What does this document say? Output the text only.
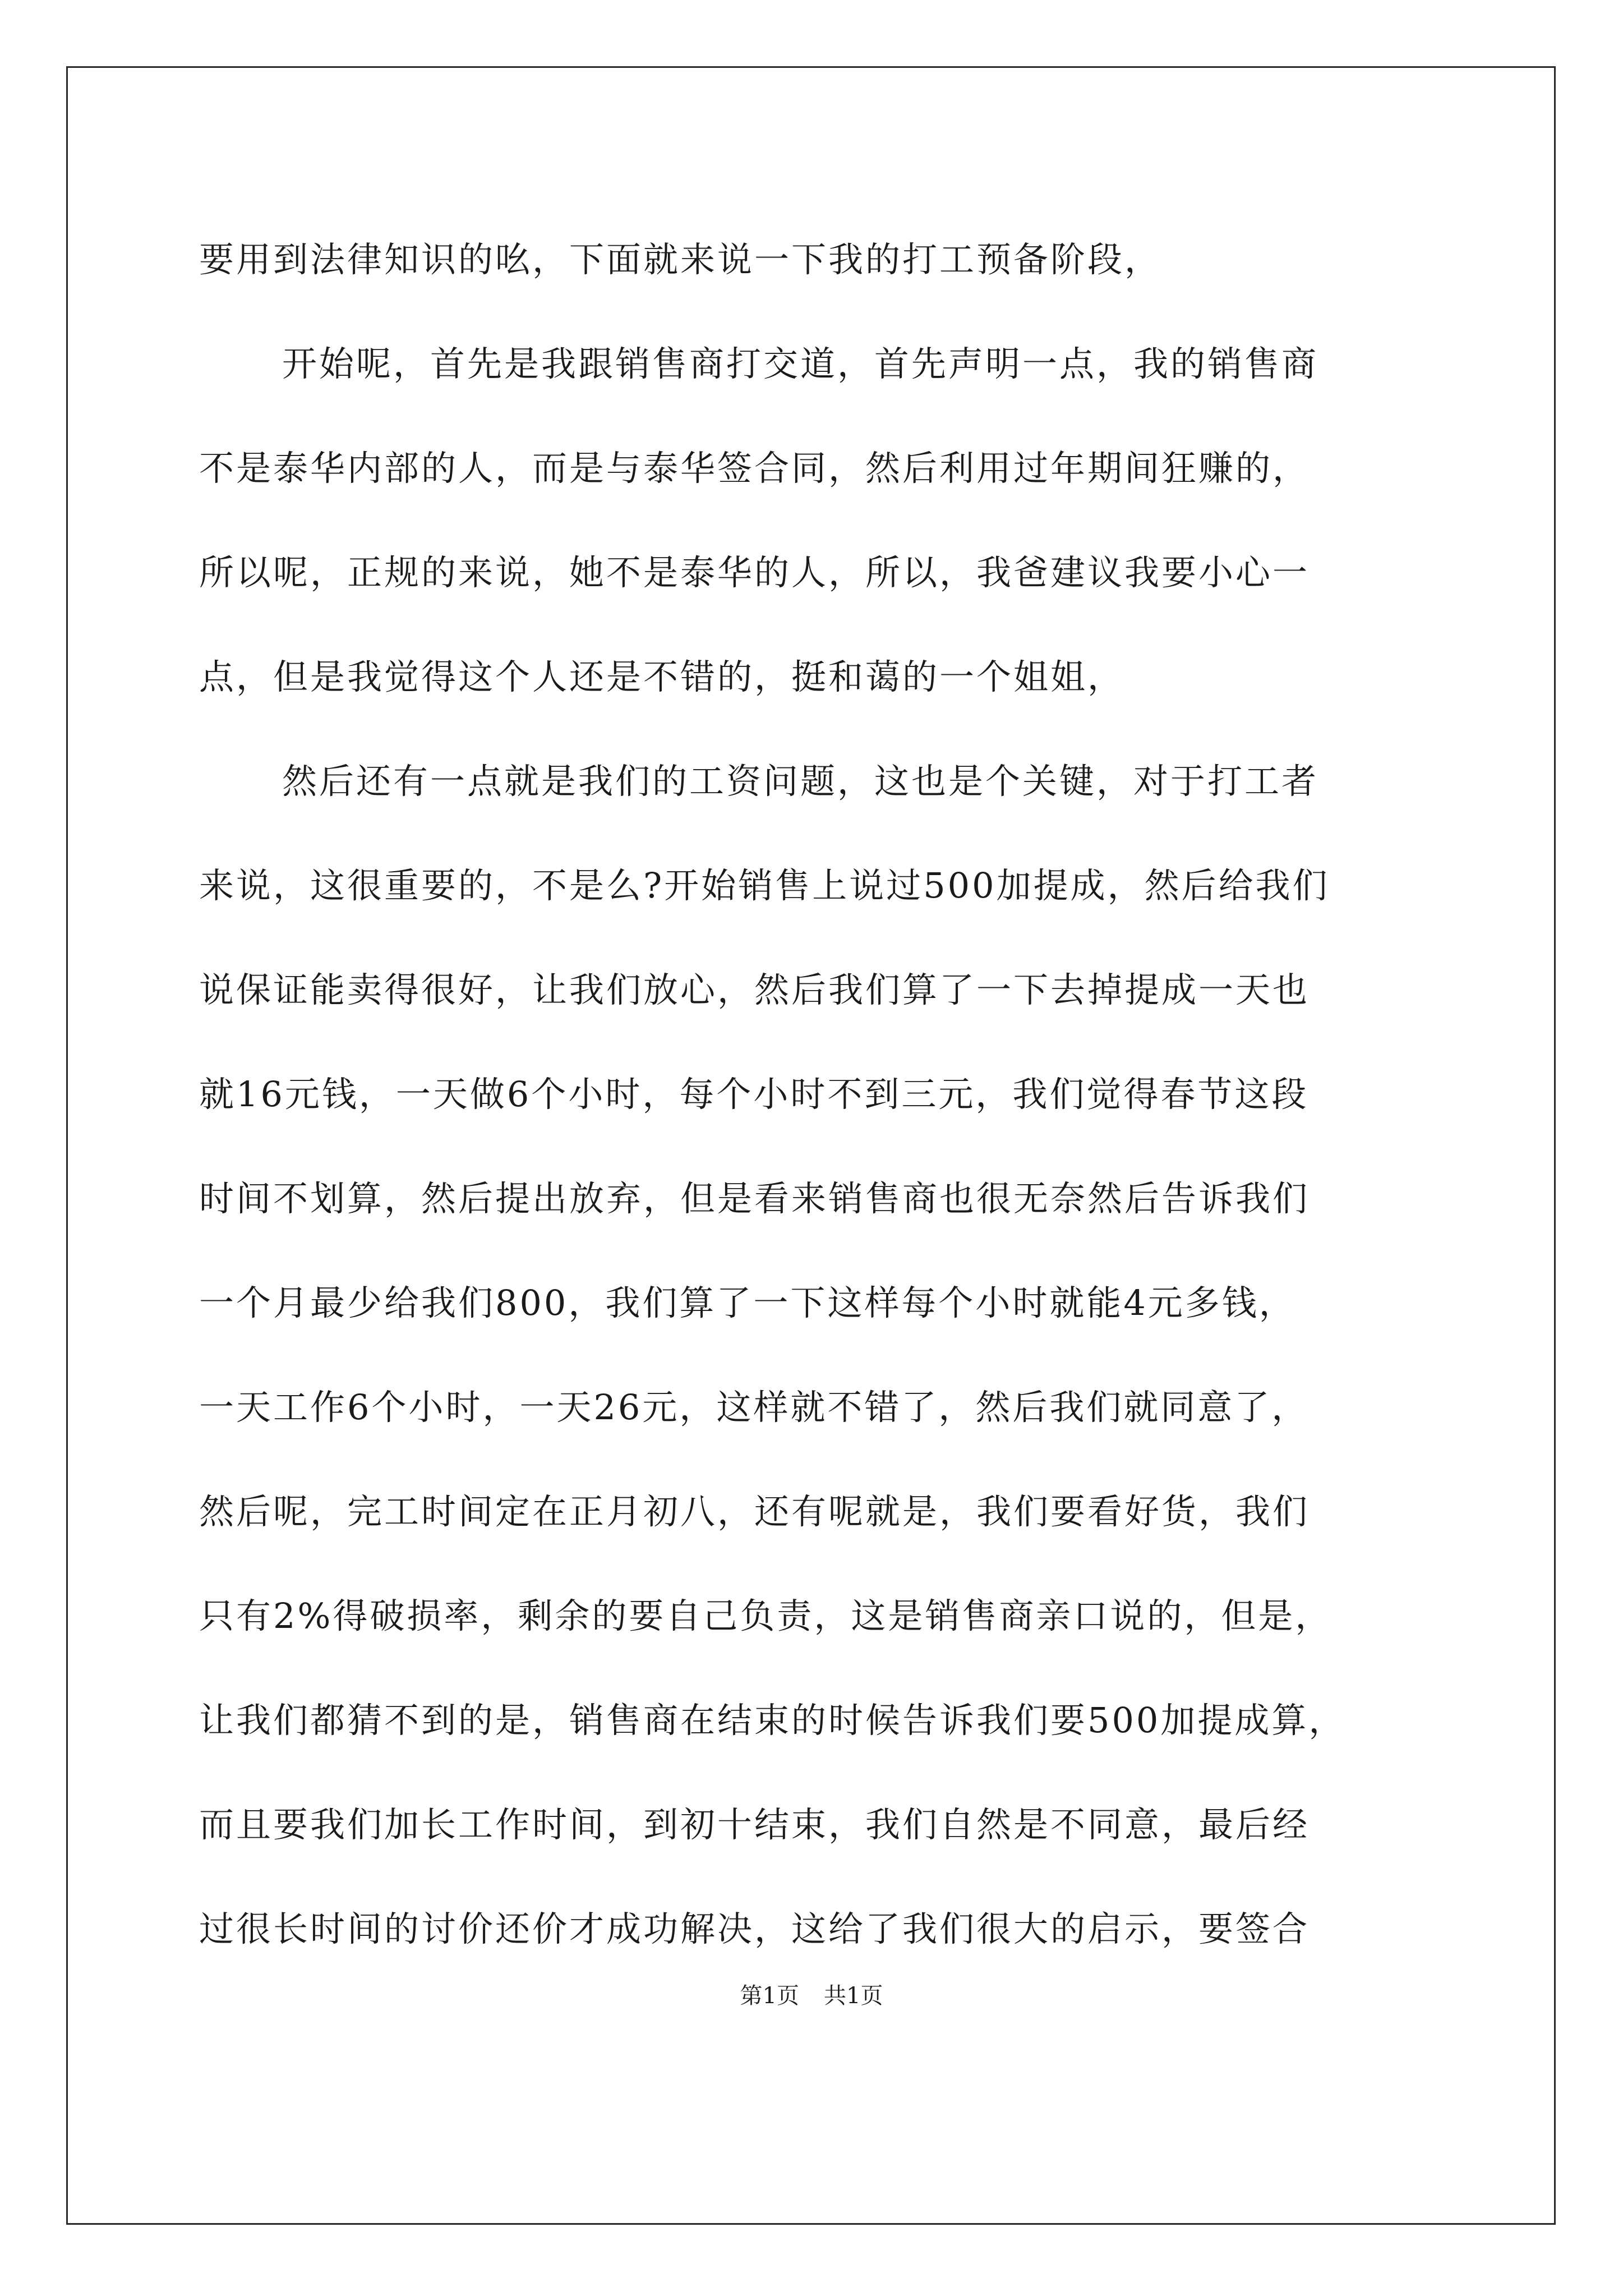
要用到法律知识的吆，下面就来说一下我的打工预备阶段，
开始呢，首先是我跟销售商打交道，首先声明一点，我的销售商
不是泰华内部的人，而是与泰华签合同，然后利用过年期间狂赚的，
所以呢，正规的来说，她不是泰华的人，所以，我爸建议我要小心一
点，但是我觉得这个人还是不错的，挺和蔼的一个姐姐，
然后还有一点就是我们的工资问题，这也是个关键，对于打工者
来说，这很重要的，不是么?开始销售上说过500加提成，然后给我们
说保证能卖得很好，让我们放心，然后我们算了一下去掉提成一天也
就16元钱，一天做6个小时，每个小时不到三元，我们觉得春节这段
时间不划算，然后提出放弃，但是看来销售商也很无奈然后告诉我们
一个月最少给我们800，我们算了一下这样每个小时就能4元多钱，
一天工作6个小时，一天26元，这样就不错了，然后我们就同意了，
然后呢，完工时间定在正月初八，还有呢就是，我们要看好货，我们
只有2%得破损率，剩余的要自己负责，这是销售商亲口说的，但是，
让我们都猜不到的是，销售商在结束的时候告诉我们要500加提成算，
而且要我们加长工作时间，到初十结束，我们自然是不同意，最后经
过很长时间的讨价还价才成功解决，这给了我们很大的启示，要签合
第1页 共1页
